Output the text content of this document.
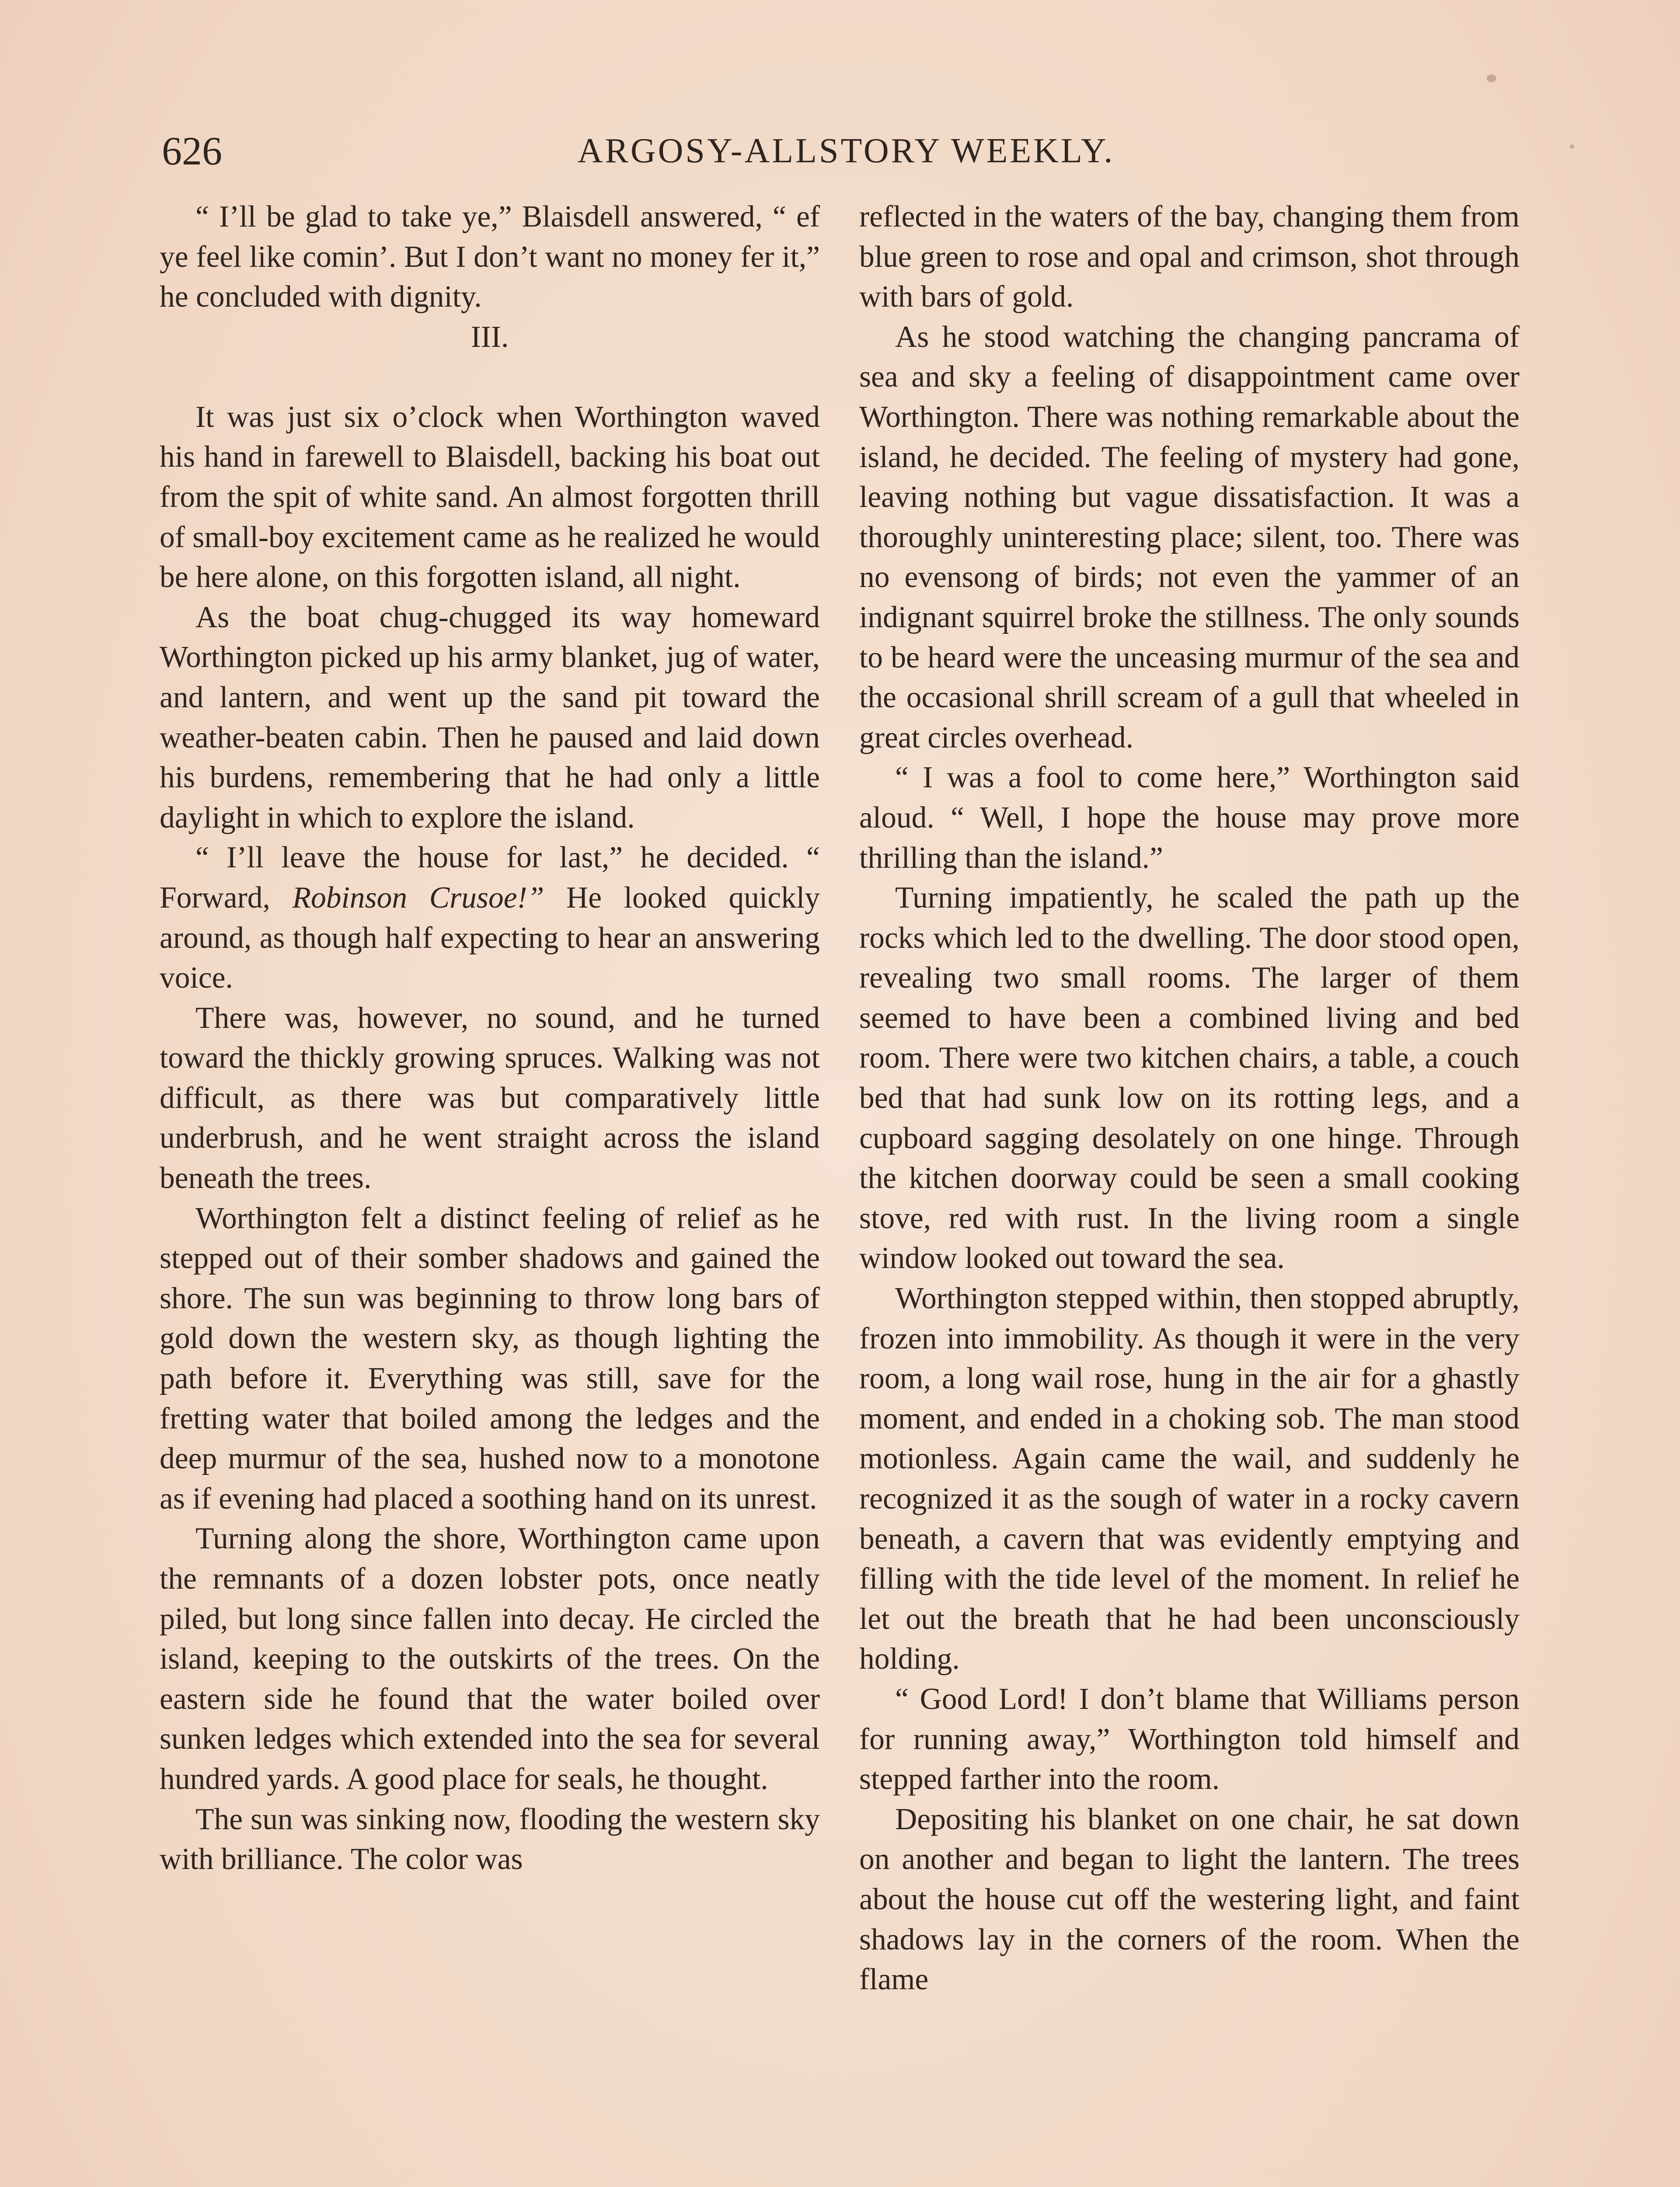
626	ARGOSY-ALLSTORY WEEKLY.

“ I’ll be glad to take ye,” Blaisdell answered, “ ef ye feel like comin’. But I don’t want no money fer it,” he concluded with dignity.

III.

It was just six o’clock when Worthington waved his hand in farewell to Blaisdell, backing his boat out from the spit of white sand. An almost forgotten thrill of small-boy excitement came as he realized he would be here alone, on this forgotten island, all night.

As the boat chug-chugged its way homeward Worthington picked up his army blanket, jug of water, and lantern, and went up the sand pit toward the weather-beaten cabin. Then he paused and laid down his burdens, remembering that he had only a little daylight in which to explore the island.

“ I’ll leave the house for last,” he decided. “ Forward, Robinson Crusoe!” He looked quickly around, as though half expecting to hear an answering voice.

There was, however, no sound, and he turned toward the thickly growing spruces. Walking was not difficult, as there was but comparatively little underbrush, and he went straight across the island beneath the trees.

Worthington felt a distinct feeling of relief as he stepped out of their somber shadows and gained the shore. The sun was beginning to throw long bars of gold down the western sky, as though lighting the path before it. Everything was still, save for the fretting water that boiled among the ledges and the deep murmur of the sea, hushed now to a monotone as if evening had placed a soothing hand on its unrest.

Turning along the shore, Worthington came upon the remnants of a dozen lobster pots, once neatly piled, but long since fallen into decay. He circled the island, keeping to the outskirts of the trees. On the eastern side he found that the water boiled over sunken ledges which extended into the sea for several hundred yards. A good place for seals, he thought.

The sun was sinking now, flooding the western sky with brilliance. The color was

reflected in the waters of the bay, changing them from blue green to rose and opal and crimson, shot through with bars of gold.

As he stood watching the changing pancrama of sea and sky a feeling of disappointment came over Worthington. There was nothing remarkable about the island, he decided. The feeling of mystery had gone, leaving nothing but vague dissatisfaction. It was a thoroughly uninteresting place; silent, too. There was no evensong of birds; not even the yammer of an indignant squirrel broke the stillness. The only sounds to be heard were the unceasing murmur of the sea and the occasional shrill scream of a gull that wheeled in great circles overhead.

“ I was a fool to come here,” Worthington said aloud. “ Well, I hope the house may prove more thrilling than the island.”

Turning impatiently, he scaled the path up the rocks which led to the dwelling. The door stood open, revealing two small rooms. The larger of them seemed to have been a combined living and bed room. There were two kitchen chairs, a table, a couch bed that had sunk low on its rotting legs, and a cupboard sagging desolately on one hinge. Through the kitchen doorway could be seen a small cooking stove, red with rust. In the living room a single window looked out toward the sea.

Worthington stepped within, then stopped abruptly, frozen into immobility. As though it were in the very room, a long wail rose, hung in the air for a ghastly moment, and ended in a choking sob. The man stood motionless. Again came the wail, and suddenly he recognized it as the sough of water in a rocky cavern beneath, a cavern that was evidently emptying and filling with the tide level of the moment. In relief he let out the breath that he had been unconsciously holding.

“ Good Lord! I don’t blame that Williams person for running away,” Worthington told himself and stepped farther into the room.

Depositing his blanket on one chair, he sat down on another and began to light the lantern. The trees about the house cut off the westering light, and faint shadows lay in the corners of the room. When the flame
